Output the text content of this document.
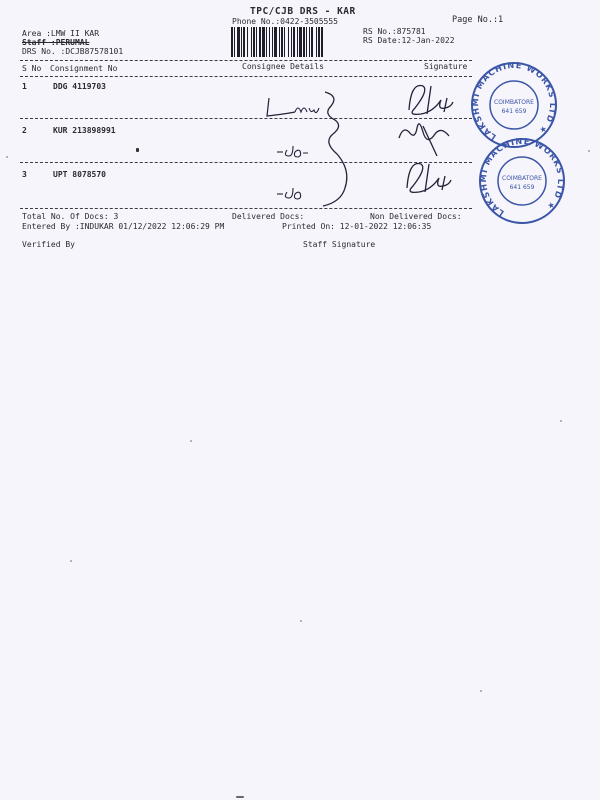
TPC/CJB DRS - KAR
Phone No.:0422-3505555	Page No.:1
Area :LMW II KAR
Staff :PERUMAL
DRS No. :DCJB87578101
RS No.:875781
RS Date:12-Jan-2022
S No Consignment No	Consignee Details	Signature
1	DDG 4119703
2	KUR 213898991
3	UPT 8078570
Total No. Of Docs: 3	Delivered Docs:	Non Delivered Docs:
Entered By :INDUKAR 01/12/2022 12:06:29 PM	Printed On: 12-01-2022 12:06:35
Verified By	Staff Signature
LAKSHMI MACHINE WORKS LTD ★
COIMBATORE
641 659
LAKSHMI MACHINE WORKS LTD ★
COIMBATORE
641 659
